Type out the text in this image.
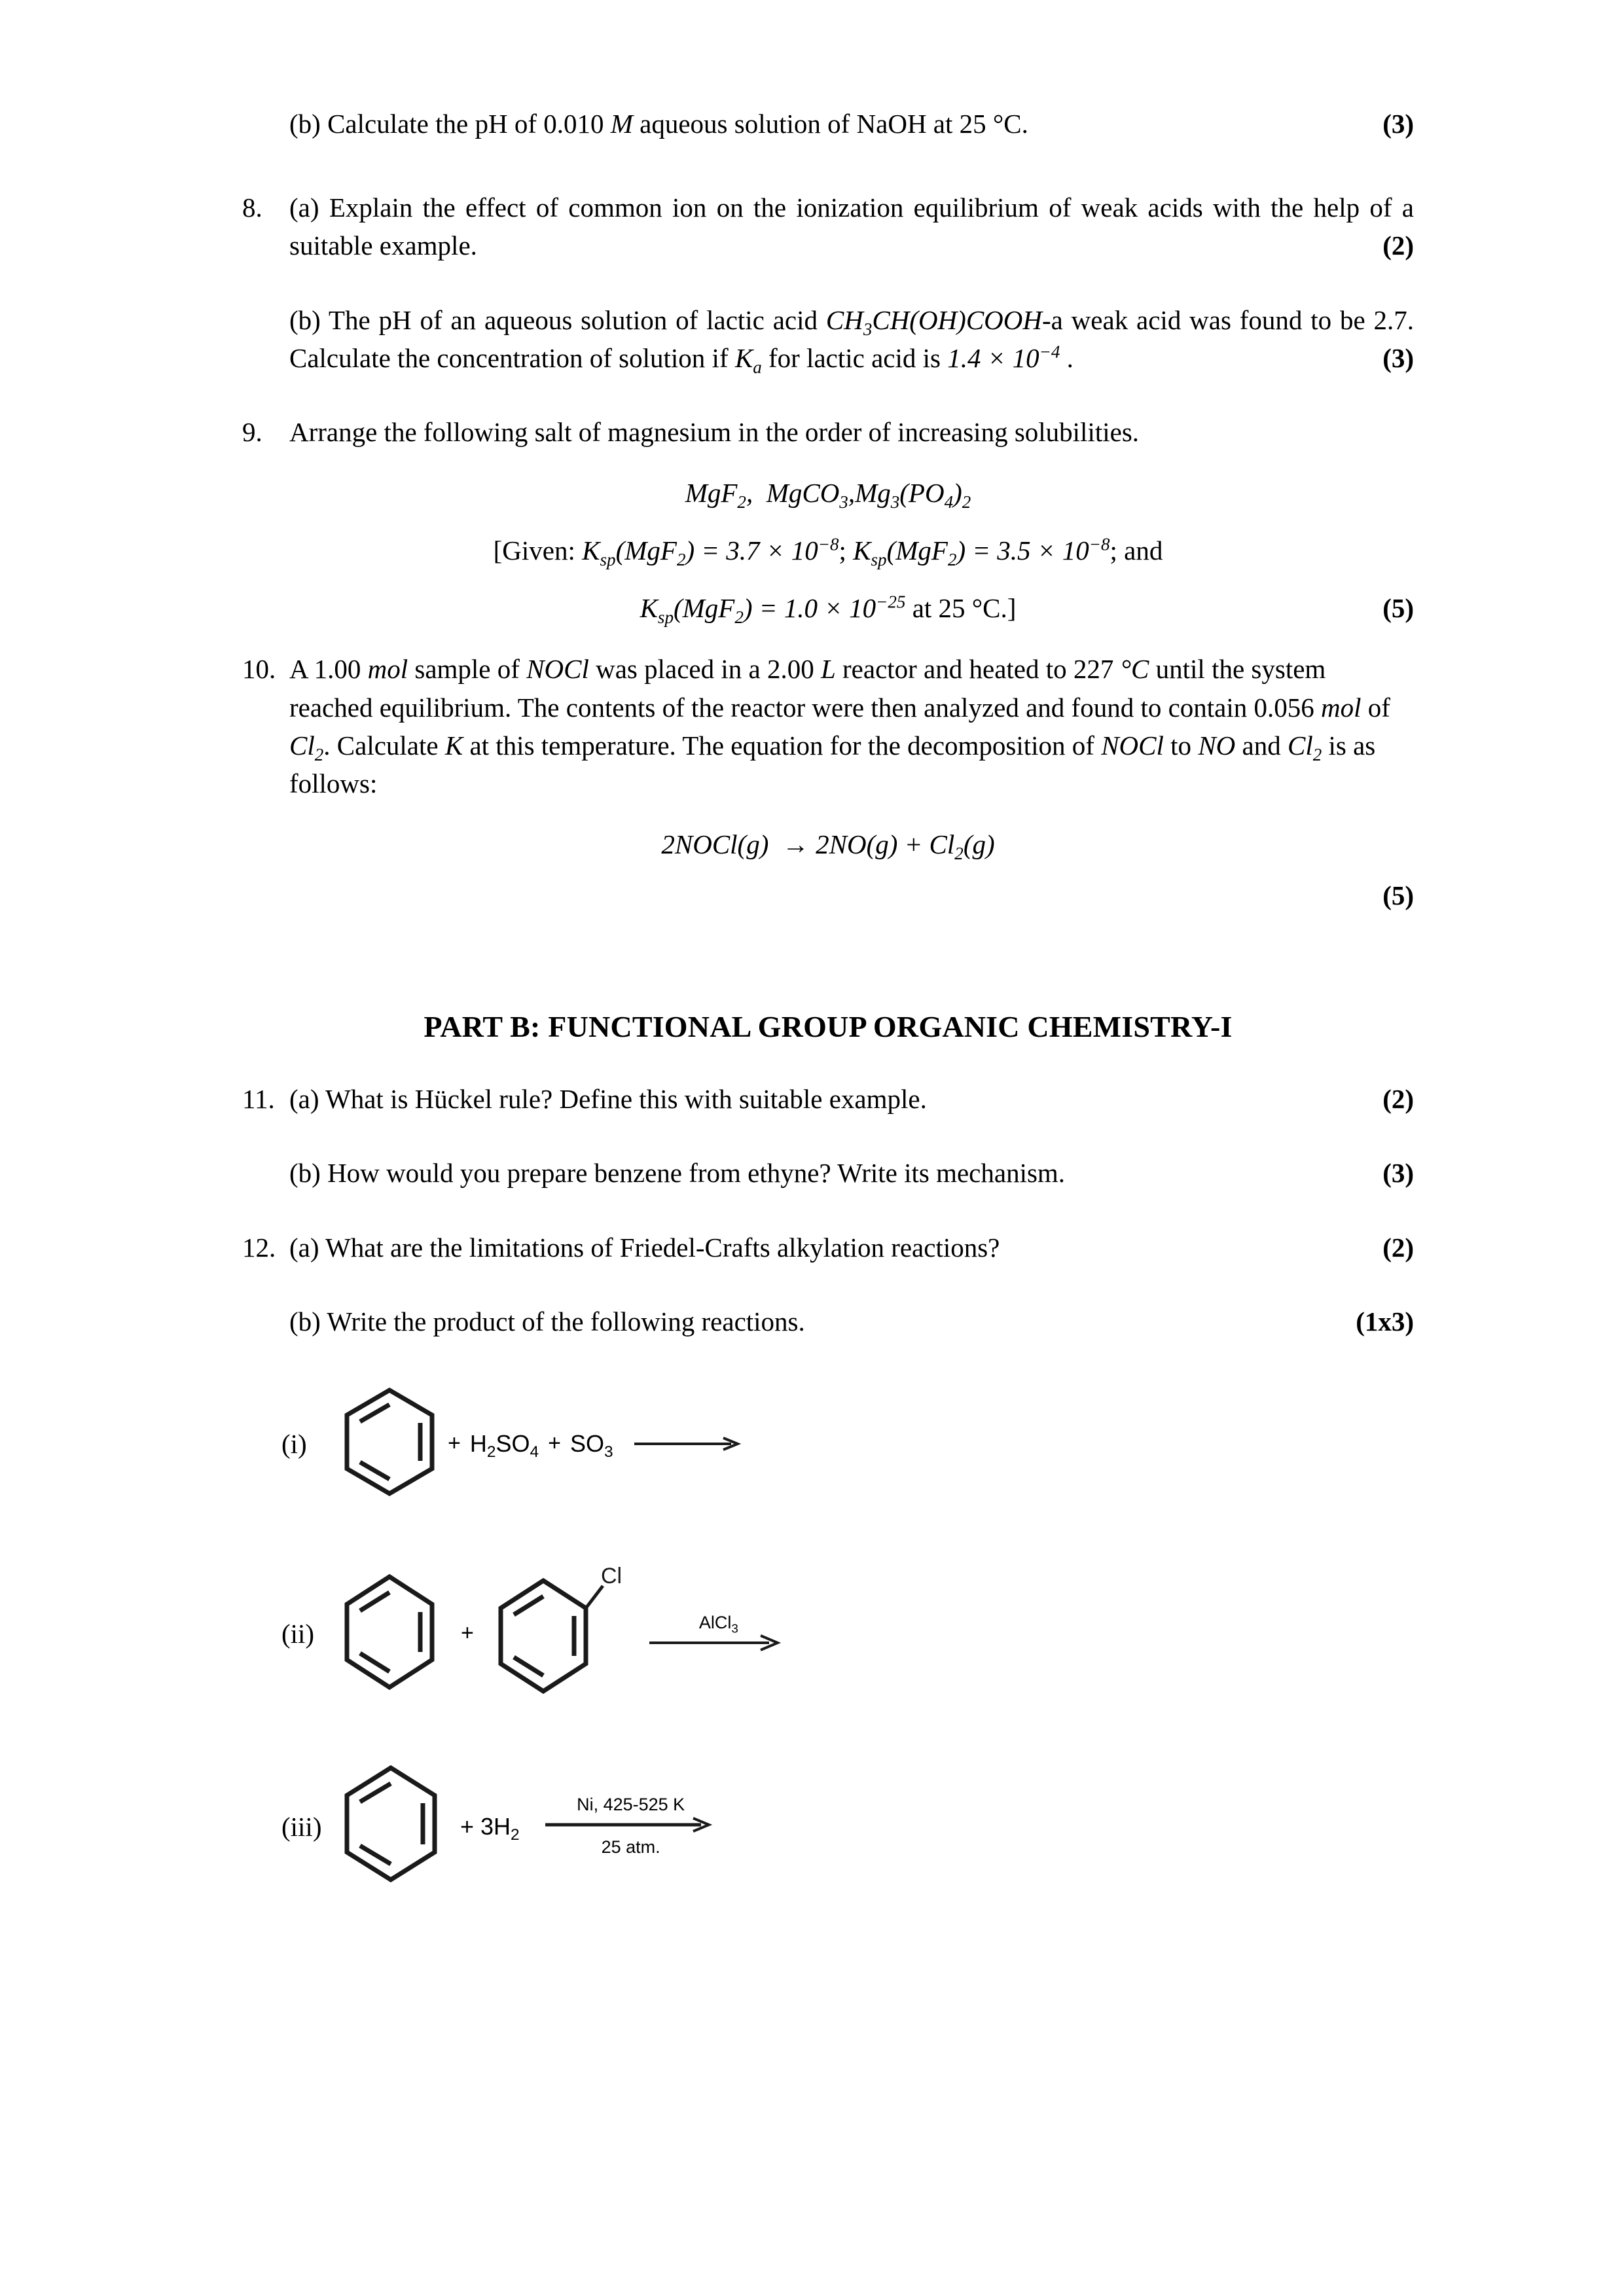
(b) Calculate the pH of 0.010 M aqueous solution of NaOH at 25 °C.	(3)
8.	(a) Explain the effect of common ion on the ionization equilibrium of weak acids with the help of a suitable example.	(2)
(b) The pH of an aqueous solution of lactic acid $CH_3CH(OH)COOH-a$ weak acid was found to be 2.7. Calculate the concentration of solution if $K_a$ for lactic acid is $1.4 \times 10^{-4}$ .	(3)
9.	Arrange the following salt of magnesium in the order of increasing solubilities.
MgF$_2$,  $MgCO_3,Mg_3(PO_4)_2$
[Given: $K_{sp}(MgF_2) = 3.7 \times 10^{-8}$; $K_{sp}(MgF_2) = 3.5 \times 10^{-8}$; and
$K_{sp}(MgF_2) = 1.0 \times 10^{-25}$ at 25 °C.]	(5)
10. A 1.00 mol sample of NOCl was placed in a 2.00 L reactor and heated to 227 °C until the system reached equilibrium. The contents of the reactor were then analyzed and found to contain 0.056 mol of $Cl_2$. Calculate K at this temperature. The equation for the decomposition of NOCl to NO and $Cl_2$ is as follows:
2NOCl(g) → $2NO(g) + Cl_2(g)$
(5)
PART B: FUNCTIONAL GROUP ORGANIC CHEMISTRY-I
11. (a) What is Hückel rule? Define this with suitable example.	(2)
(b) How would you prepare benzene from ethyne? Write its mechanism.	(3)
12. (a) What are the limitations of Friedel-Crafts alkylation reactions?	(2)
(b) Write the product of the following reactions.	(1x3)
(i)	+ $H_2SO_4 + SO_3$
(ii)	+
Cl
AlCl$_3$
(iii)	+ $3H_2$
Ni, 425-525 K
25 atm.
